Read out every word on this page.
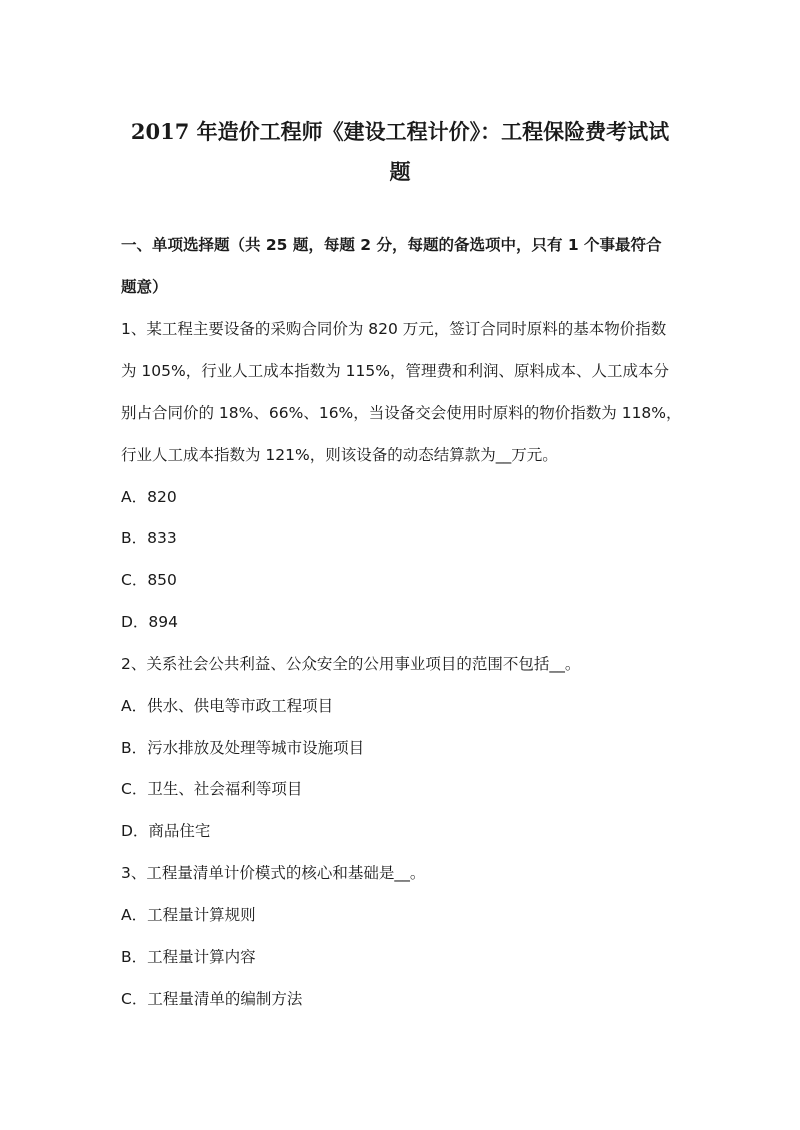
2017 年造价工程师《建设工程计价》：工程保险费考试试
题

一、单项选择题（共 25 题，每题 2 分，每题的备选项中，只有 1 个事最符合

题意）

1、某工程主要设备的采购合同价为 820 万元，签订合同时原料的基本物价指数

为 105%，行业人工成本指数为 115%，管理费和利润、原料成本、人工成本分

别占合同价的 18%、66%、16%，当设备交会使用时原料的物价指数为 118%，

行业人工成本指数为 121%，则该设备的动态结算款为__万元。

A．820

B．833

C．850

D．894

2、关系社会公共利益、公众安全的公用事业项目的范围不包括__。

A．供水、供电等市政工程项目

B．污水排放及处理等城市设施项目

C．卫生、社会福利等项目

D．商品住宅

3、工程量清单计价模式的核心和基础是__。

A．工程量计算规则

B．工程量计算内容

C．工程量清单的编制方法
